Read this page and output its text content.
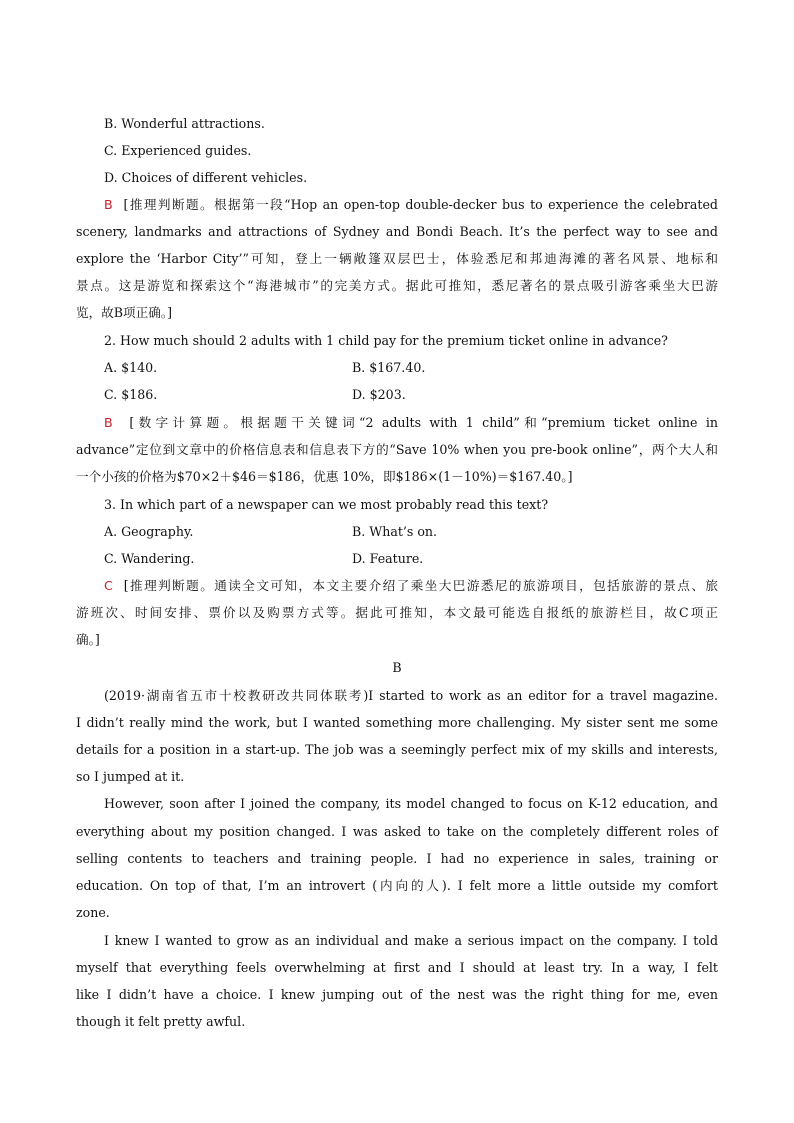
B. Wonderful attractions.
C. Experienced guides.
D. Choices of different vehicles.
B [推理判断题。根据第一段“Hop an open-top double-decker bus to experience the celebrated
scenery, landmarks and attractions of Sydney and Bondi Beach. It’s the perfect way to see and
explore the ‘Harbor City’”可知，登上一辆敞篷双层巴士，体验悉尼和邦迪海滩的著名风景、地标和
景点。这是游览和探索这个“海港城市”的完美方式。据此可推知，悉尼著名的景点吸引游客乘坐大巴游
览，故B项正确。]
2. How much should 2 adults with 1 child pay for the premium ticket online in advance?
A. $140.	B. $167.40.
C. $186.	D. $203.
B [数字计算题。根据题干关键词“2 adults with 1 child”和“premium ticket online in
advance”定位到文章中的价格信息表和信息表下方的“Save 10% when you pre-book online”，两个大人和
一个小孩的价格为$70×2＋$46＝$186，优惠 10%，即$186×(1－10%)＝$167.40。]
3. In which part of a newspaper can we most probably read this text?
A. Geography.	B. What’s on.
C. Wandering.	D. Feature.
C [推理判断题。通读全文可知，本文主要介绍了乘坐大巴游悉尼的旅游项目，包括旅游的景点、旅
游班次、时间安排、票价以及购票方式等。据此可推知，本文最可能选自报纸的旅游栏目，故C项正
确。]
B
(2019·湖南省五市十校教研改共同体联考)I started to work as an editor for a travel magazine.
I didn’t really mind the work, but I wanted something more challenging. My sister sent me some
details for a position in a start-up. The job was a seemingly perfect mix of my skills and interests,
so I jumped at it.
However, soon after I joined the company, its model changed to focus on K-12 education, and
everything about my position changed. I was asked to take on the completely different roles of
selling contents to teachers and training people. I had no experience in sales, training or
education. On top of that, I’m an introvert (内向的人). I felt more a little outside my comfort
zone.
I knew I wanted to grow as an individual and make a serious impact on the company. I told
myself that everything feels overwhelming at first and I should at least try. In a way, I felt
like I didn’t have a choice. I knew jumping out of the nest was the right thing for me, even
though it felt pretty awful.
